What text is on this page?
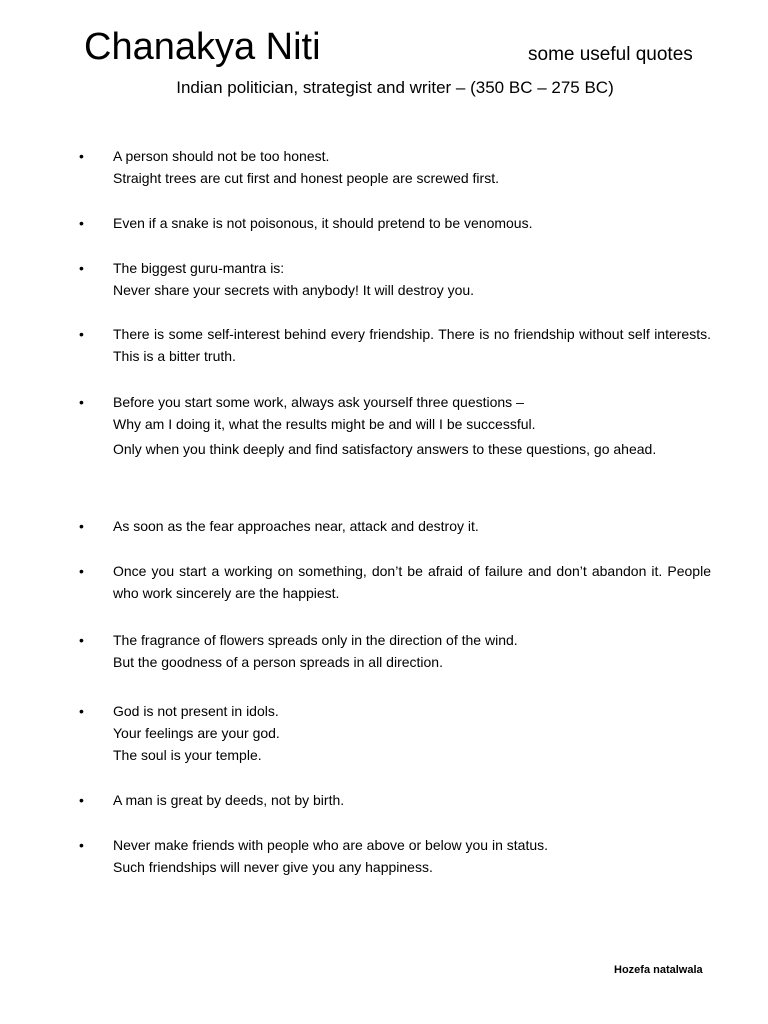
Chanakya Niti	some useful quotes
Indian politician, strategist and writer – (350 BC – 275 BC)
• A person should not be too honest.

Straight trees are cut first and honest people are screwed first.

• Even if a snake is not poisonous, it should pretend to be venomous.

• The biggest guru-mantra is:

Never share your secrets with anybody! It will destroy you.

• There is some self-interest behind every friendship. There is no friendship without self interests. This is a bitter truth.

• Before you start some work, always ask yourself three questions –

Why am I doing it, what the results might be and will I be successful.

Only when you think deeply and find satisfactory answers to these questions, go ahead.

• As soon as the fear approaches near, attack and destroy it.

• Once you start a working on something, don’t be afraid of failure and don’t abandon it. People who work sincerely are the happiest.

• The fragrance of flowers spreads only in the direction of the wind.

But the goodness of a person spreads in all direction.

• God is not present in idols.

Your feelings are your god.

The soul is your temple.

• A man is great by deeds, not by birth.

• Never make friends with people who are above or below you in status.

Such friendships will never give you any happiness.

Hozefa natalwala
